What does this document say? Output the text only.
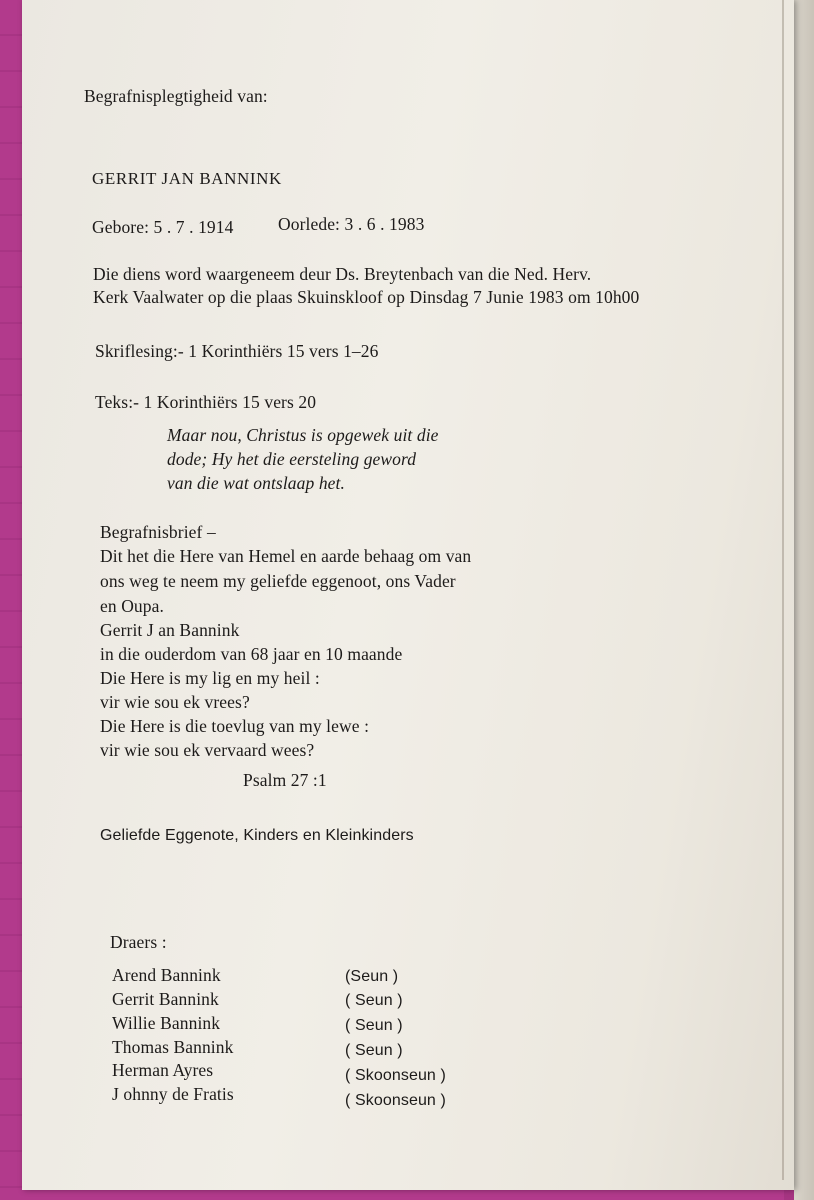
Begrafnisplegtigheid van:
GERRIT JAN BANNINK
Gebore: 5 . 7 . 1914	Oorlede: 3 . 6 . 1983
Die diens word waargeneem deur Ds. Breytenbach van die Ned. Herv.
Kerk Vaalwater op die plaas Skuinskloof op Dinsdag 7 Junie 1983 om 10h00
Skriflesing:- 1 Korinthiërs 15 vers 1–26
Teks:- 1 Korinthiërs 15 vers 20
Maar nou, Christus is opgewek uit die
dode; Hy het die eersteling geword
van die wat ontslaap het.
Begrafnisbrief –
Dit het die Here van Hemel en aarde behaag om van
ons weg te neem my geliefde eggenoot, ons Vader
en Oupa.
Gerrit J an Bannink
in die ouderdom van 68 jaar en 10 maande
Die Here is my lig en my heil :
vir wie sou ek vrees?
Die Here is die toevlug van my lewe :
vir wie sou ek vervaard wees?
Psalm 27 :1
Geliefde Eggenote, Kinders en Kleinkinders
Draers :
Arend Bannink	(Seun )
Gerrit Bannink	( Seun )
Willie Bannink	( Seun )
Thomas Bannink	( Seun )
Herman Ayres	( Skoonseun )
J ohnny de Fratis	( Skoonseun )
